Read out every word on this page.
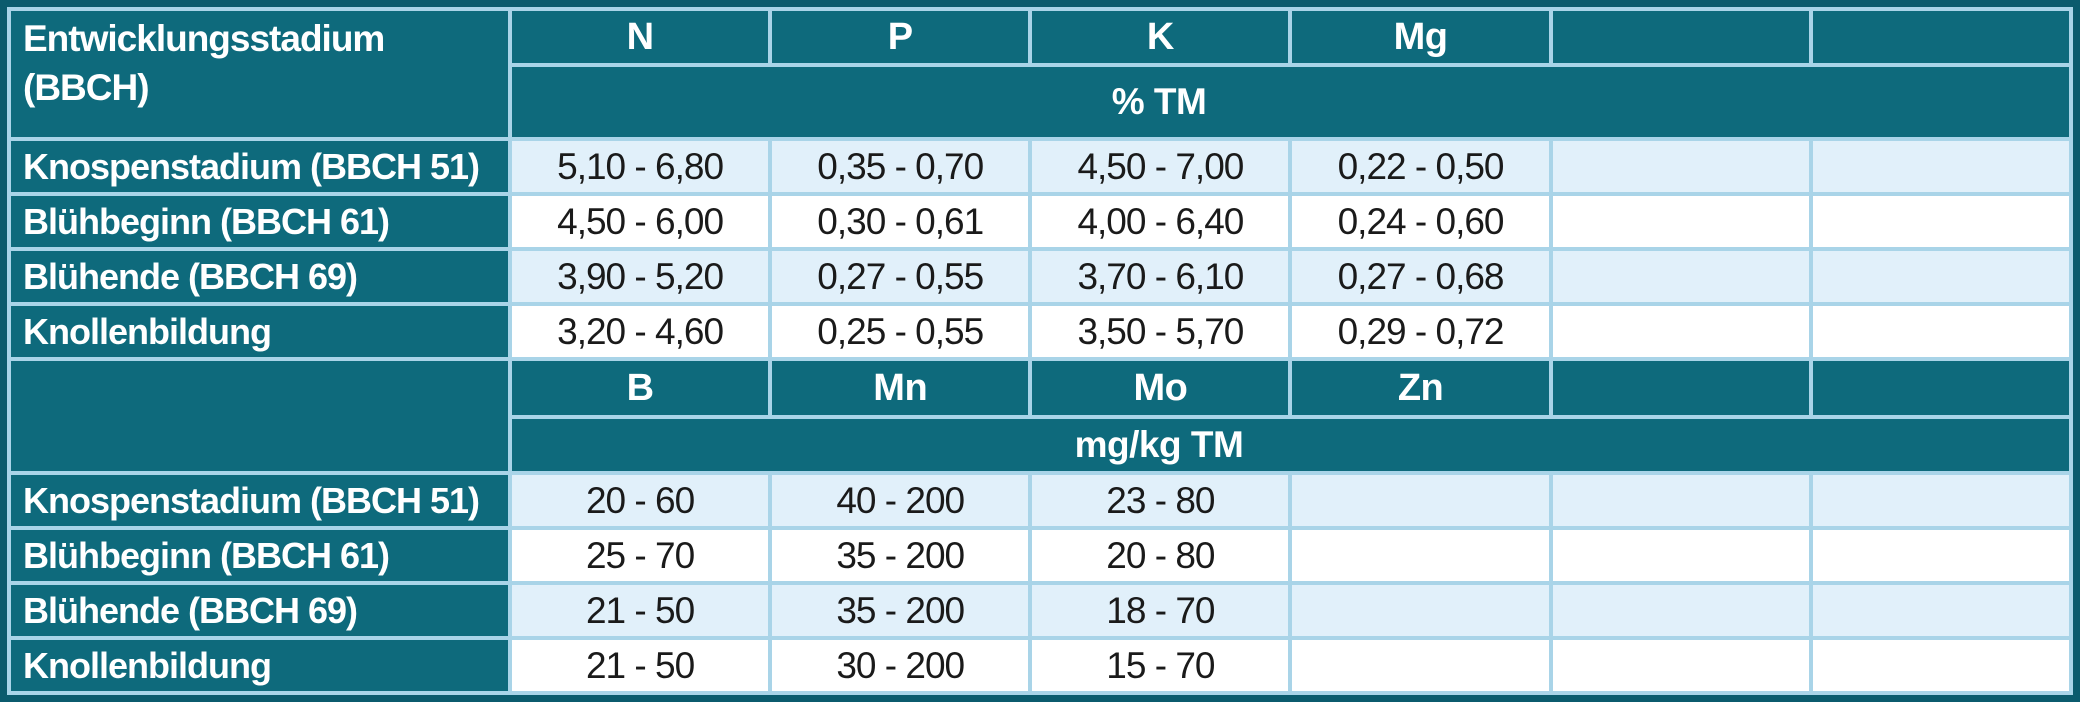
Entwicklungsstadium
(BBCH)	N	P	K	Mg		
	% TM					
Knospenstadium (BBCH 51)	5,10 - 6,80	0,35 - 0,70	4,50 - 7,00	0,22 - 0,50		
Blühbeginn (BBCH 61)	4,50 - 6,00	0,30 - 0,61	4,00 - 6,40	0,24 - 0,60		
Blühende (BBCH 69)	3,90 - 5,20	0,27 - 0,55	3,70 - 6,10	0,27 - 0,68		
Knollenbildung	3,20 - 4,60	0,25 - 0,55	3,50 - 5,70	0,29 - 0,72		
	B	Mn	Mo	Zn		
	mg/kg TM					
Knospenstadium (BBCH 51)	20 - 60	40 - 200	23 - 80			
Blühbeginn (BBCH 61)	25 - 70	35 - 200	20 - 80			
Blühende (BBCH 69)	21 - 50	35 - 200	18 - 70			
Knollenbildung	21 - 50	30 - 200	15 - 70			
